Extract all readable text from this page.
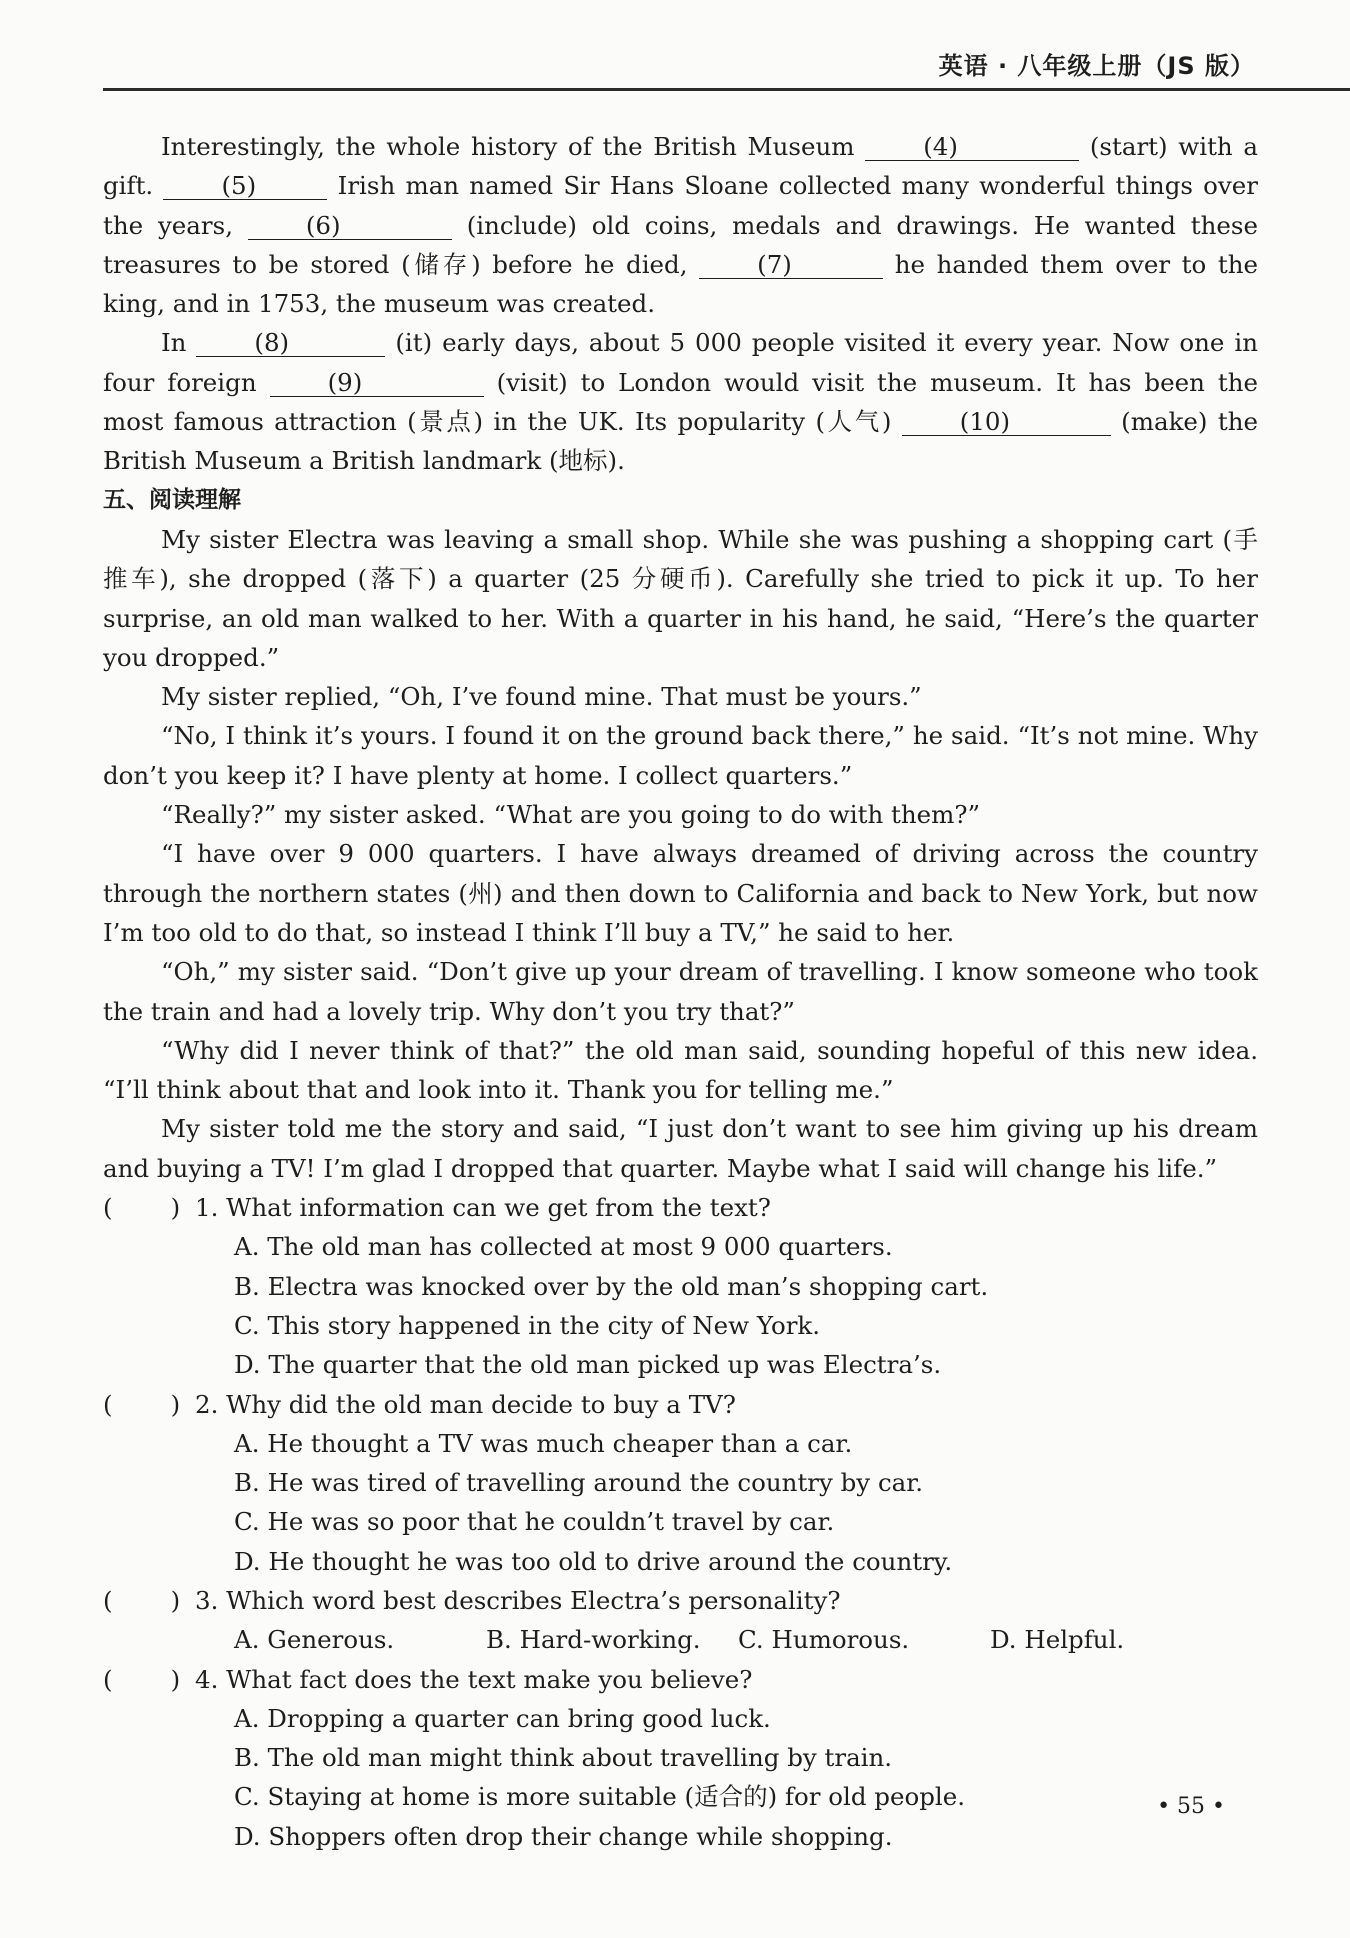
英语 · 八年级上册（JS 版）

Interestingly, the whole history of the British Museum	(4)	(start) with a gift.	(5)	Irish man named Sir Hans Sloane collected many wonderful things over the years,	(6)	(include) old coins, medals and drawings. He wanted these treasures to be stored (储存) before he died,	(7)	he handed them over to the king, and in 1753, the museum was created.

In	(8)	(it) early days, about 5 000 people visited it every year. Now one in four foreign	(9)	(visit) to London would visit the museum. It has been the most famous attraction (景点) in the UK. Its popularity (人气)	(10)	(make) the British Museum a British landmark (地标).

五、阅读理解

My sister Electra was leaving a small shop. While she was pushing a shopping cart (手推车), she dropped (落下) a quarter (25 分硬币). Carefully she tried to pick it up. To her surprise, an old man walked to her. With a quarter in his hand, he said, “Here’s the quarter you dropped.”

My sister replied, “Oh, I’ve found mine. That must be yours.”

“No, I think it’s yours. I found it on the ground back there,” he said. “It’s not mine. Why don’t you keep it? I have plenty at home. I collect quarters.”

“Really?” my sister asked. “What are you going to do with them?”

“I have over 9 000 quarters. I have always dreamed of driving across the country through the northern states (州) and then down to California and back to New York, but now I’m too old to do that, so instead I think I’ll buy a TV,” he said to her.

“Oh,” my sister said. “Don’t give up your dream of travelling. I know someone who took the train and had a lovely trip. Why don’t you try that?”

“Why did I never think of that?” the old man said, sounding hopeful of this new idea. “I’ll think about that and look into it. Thank you for telling me.”

My sister told me the story and said, “I just don’t want to see him giving up his dream and buying a TV! I’m glad I dropped that quarter. Maybe what I said will change his life.”

( ) 1. What information can we get from the text?
A. The old man has collected at most 9 000 quarters.
B. Electra was knocked over by the old man’s shopping cart.
C. This story happened in the city of New York.
D. The quarter that the old man picked up was Electra’s.
( ) 2. Why did the old man decide to buy a TV?
A. He thought a TV was much cheaper than a car.
B. He was tired of travelling around the country by car.
C. He was so poor that he couldn’t travel by car.
D. He thought he was too old to drive around the country.
( ) 3. Which word best describes Electra’s personality?
A. Generous.	B. Hard-working.	C. Humorous.	D. Helpful.
( ) 4. What fact does the text make you believe?
A. Dropping a quarter can bring good luck.
B. The old man might think about travelling by train.
C. Staying at home is more suitable (适合的) for old people.
D. Shoppers often drop their change while shopping.
• 55 •
